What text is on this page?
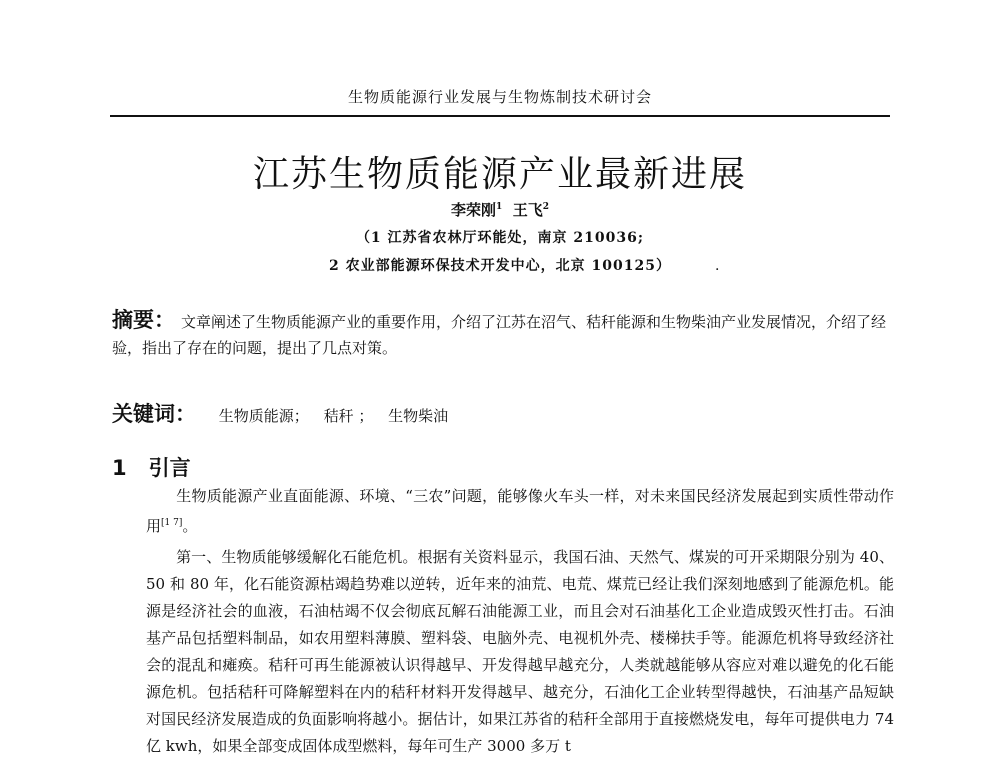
生物质能源行业发展与生物炼制技术研讨会
江苏生物质能源产业最新进展
李荣刚$^1$ 王飞$^2$
（1 江苏省农林厅环能处，南京 210036;
2 农业部能源环保技术开发中心，北京 100125）	·
摘要： 文章阐述了生物质能源产业的重要作用，介绍了江苏在沼气、秸秆能源和生物柴油产业发展情况，介绍了经验，指出了存在的问题，提出了几点对策。
关键词： 生物质能源； 秸秆 ； 生物柴油
1 引言
生物质能源产业直面能源、环境、“三农”问题，能够像火车头一样，对未来国民经济发展起到实质性带动作用[1 7]。
第一、生物质能够缓解化石能危机。根据有关资料显示，我国石油、天然气、煤炭的可开采期限分别为 40、50 和 80 年，化石能资源枯竭趋势难以逆转，近年来的油荒、电荒、煤荒已经让我们深刻地感到了能源危机。能源是经济社会的血液，石油枯竭不仅会彻底瓦解石油能源工业，而且会对石油基化工企业造成毁灭性打击。石油基产品包括塑料制品，如农用塑料薄膜、塑料袋、电脑外壳、电视机外壳、楼梯扶手等。能源危机将导致经济社会的混乱和瘫痪。秸秆可再生能源被认识得越早、开发得越早越充分，人类就越能够从容应对难以避免的化石能源危机。包括秸秆可降解塑料在内的秸秆材料开发得越早、越充分，石油化工企业转型得越快，石油基产品短缺对国民经济发展造成的负面影响将越小。据估计，如果江苏省的秸秆全部用于直接燃烧发电，每年可提供电力 74 亿 kwh，如果全部变成固体成型燃料，每年可生产 3000 多万 t
